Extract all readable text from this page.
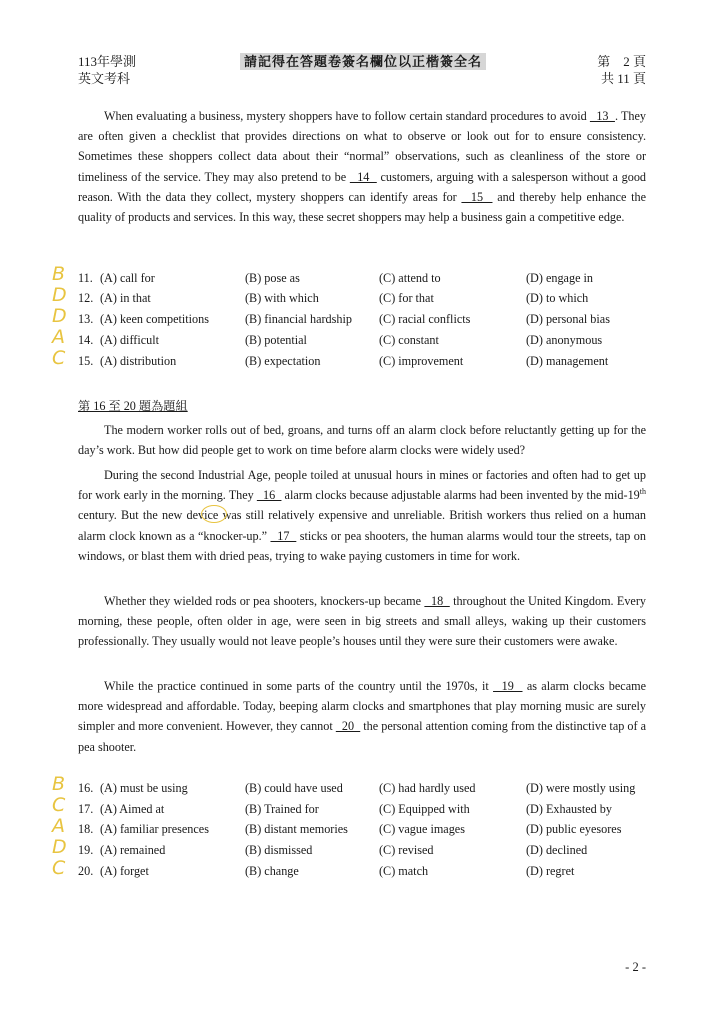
113年學測
英文考科
請記得在答題卷簽名欄位以正楷簽全名	第　2 頁
共 11 頁

When evaluating a business, mystery shoppers have to follow certain standard procedures to avoid   13  . They are often given a checklist that provides directions on what to observe or look out for to ensure consistency. Sometimes these shoppers collect data about their “normal” observations, such as cleanliness of the store or timeliness of the service. They may also pretend to be   14   customers, arguing with a salesperson without a good reason. With the data they collect, mystery shoppers can identify areas for   15   and thereby help enhance the quality of products and services. In this way, these secret shoppers may help a business gain a competitive edge.

11. (A) call for	(B) pose as	(C) attend to	(D) engage in
12. (A) in that	(B) with which	(C) for that	(D) to which
13. (A) keen competitions	(B) financial hardship (C) racial conflicts	(D) personal bias
14. (A) difficult	(B) potential	(C) constant	(D) anonymous
15. (A) distribution	(B) expectation	(C) improvement	(D) management
B
D
D
A
C
第 16 至 20 題為題組

The modern worker rolls out of bed, groans, and turns off an alarm clock before reluctantly getting up for the day’s work. But how did people get to work on time before alarm clocks were widely used?

During the second Industrial Age, people toiled at unusual hours in mines or factories and often had to get up for work early in the morning. They   16   alarm clocks because adjustable alarms had been invented by the mid-19th century. But the new device was still relatively expensive and unreliable. British workers thus relied on a human alarm clock known as a “knocker-up.”   17   sticks or pea shooters, the human alarms would tour the streets, tap on windows, or blast them with dried peas, trying to wake paying customers in time for work.

Whether they wielded rods or pea shooters, knockers-up became   18   throughout the United Kingdom. Every morning, these people, often older in age, were seen in big streets and small alleys, waking up their customers professionally. They usually would not leave people’s houses until they were sure their customers were awake.

While the practice continued in some parts of the country until the 1970s, it   19   as alarm clocks became more widespread and affordable. Today, beeping alarm clocks and smartphones that play morning music are surely simpler and more convenient. However, they cannot   20   the personal attention coming from the distinctive tap of a pea shooter.

16. (A) must be using	(B) could have used	(C) had hardly used	(D) were mostly using
17. (A) Aimed at	(B) Trained for	(C) Equipped with	(D) Exhausted by
18. (A) familiar presences	(B) distant memories	(C) vague images	(D) public eyesores
19. (A) remained	(B) dismissed	(C) revised	(D) declined
20. (A) forget	(B) change	(C) match	(D) regret
B
C
A
D
C
- 2 -
